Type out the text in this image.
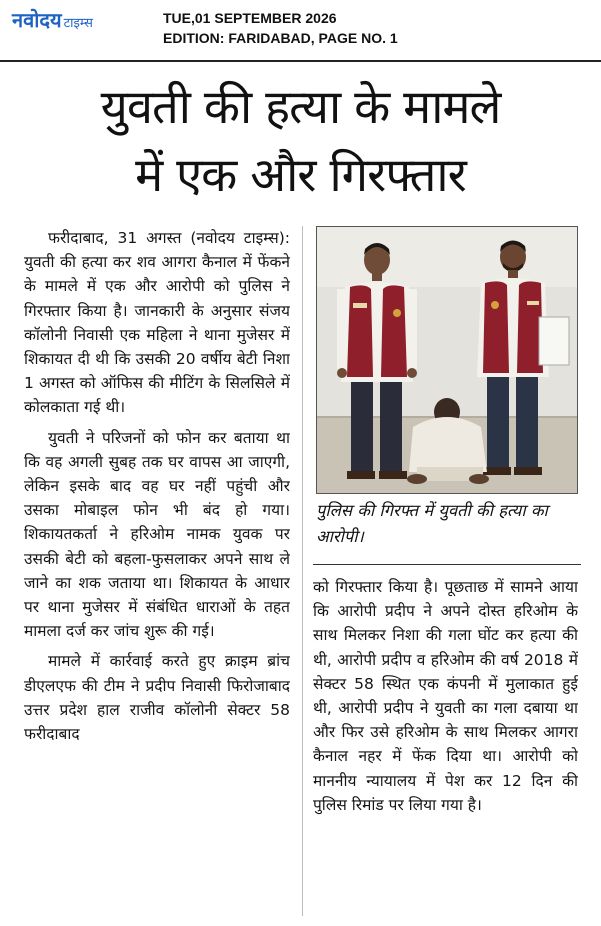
नवोदय टाइम्स	TUE,01 SEPTEMBER 2026
EDITION: FARIDABAD, PAGE NO. 1
युवती की हत्या के मामले
में एक और गिरफ्तार

फरीदाबाद, 31 अगस्त (नवोदय टाइम्स): युवती की हत्या कर शव आगरा कैनाल में फेंकने के मामले में एक और आरोपी को पुलिस ने गिरफ्तार किया है। जानकारी के अनुसार संजय कॉलोनी निवासी एक महिला ने थाना मुजेसर में शिकायत दी थी कि उसकी 20 वर्षीय बेटी निशा 1 अगस्त को ऑफिस की मीटिंग के सिलसिले में कोलकाता गई थी।

युवती ने परिजनों को फोन कर बताया था कि वह अगली सुबह तक घर वापस आ जाएगी, लेकिन इसके बाद वह घर नहीं पहुंची और उसका मोबाइल फोन भी बंद हो गया। शिकायतकर्ता ने हरिओम नामक युवक पर उसकी बेटी को बहला-फुसलाकर अपने साथ ले जाने का शक जताया था। शिकायत के आधार पर थाना मुजेसर में संबंधित धाराओं के तहत मामला दर्ज कर जांच शुरू की गई।

मामले में कार्रवाई करते हुए क्राइम ब्रांच डीएलएफ की टीम ने प्रदीप निवासी फिरोजाबाद उत्तर प्रदेश हाल राजीव कॉलोनी सेक्टर 58 फरीदाबाद

पुलिस की गिरफ्त में युवती की हत्या का आरोपी।

को गिरफ्तार किया है। पूछताछ में सामने आया कि आरोपी प्रदीप ने अपने दोस्त हरिओम के साथ मिलकर निशा की गला घोंट कर हत्या की थी, आरोपी प्रदीप व हरिओम की वर्ष 2018 में सेक्टर 58 स्थित एक कंपनी में मुलाकात हुई थी, आरोपी प्रदीप ने युवती का गला दबाया था और फिर उसे हरिओम के साथ मिलकर आगरा कैनाल नहर में फेंक दिया था। आरोपी को माननीय न्यायालय में पेश कर 12 दिन की पुलिस रिमांड पर लिया गया है।
